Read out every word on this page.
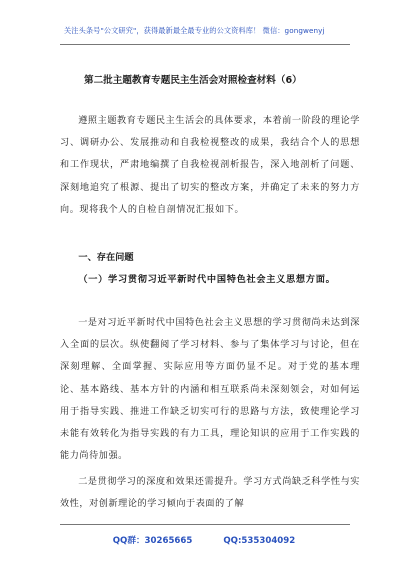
关注头条号"公文研究"，获得最新最全最专业的公文资料库！ 微信：gongwenyj
第二批主题教育专题民主生活会对照检查材料（6）
遵照主题教育专题民主生活会的具体要求，本着前一阶段的理论学习、调研办公、发展推动和自我检视整改的成果，我结合个人的思想和工作现状，严肃地编撰了自我检视剖析报告，深入地剖析了问题、深刻地追究了根源、提出了切实的整改方案，并确定了未来的努力方向。现将我个人的自检自剖情况汇报如下。
一、存在问题
（一）学习贯彻习近平新时代中国特色社会主义思想方面。
一是对习近平新时代中国特色社会主义思想的学习贯彻尚未达到深入全面的层次。纵使翻阅了学习材料、参与了集体学习与讨论，但在深刻理解、全面掌握、实际应用等方面仍显不足。对于党的基本理论、基本路线、基本方针的内涵和相互联系尚未深刻领会，对如何运用于指导实践、推进工作缺乏切实可行的思路与方法，致使理论学习未能有效转化为指导实践的有力工具，理论知识的应用于工作实践的能力尚待加强。
二是贯彻学习的深度和效果还需提升。学习方式尚缺乏科学性与实效性，对创新理论的学习倾向于表面的了解
QQ群：30265665	QQ:535304092
